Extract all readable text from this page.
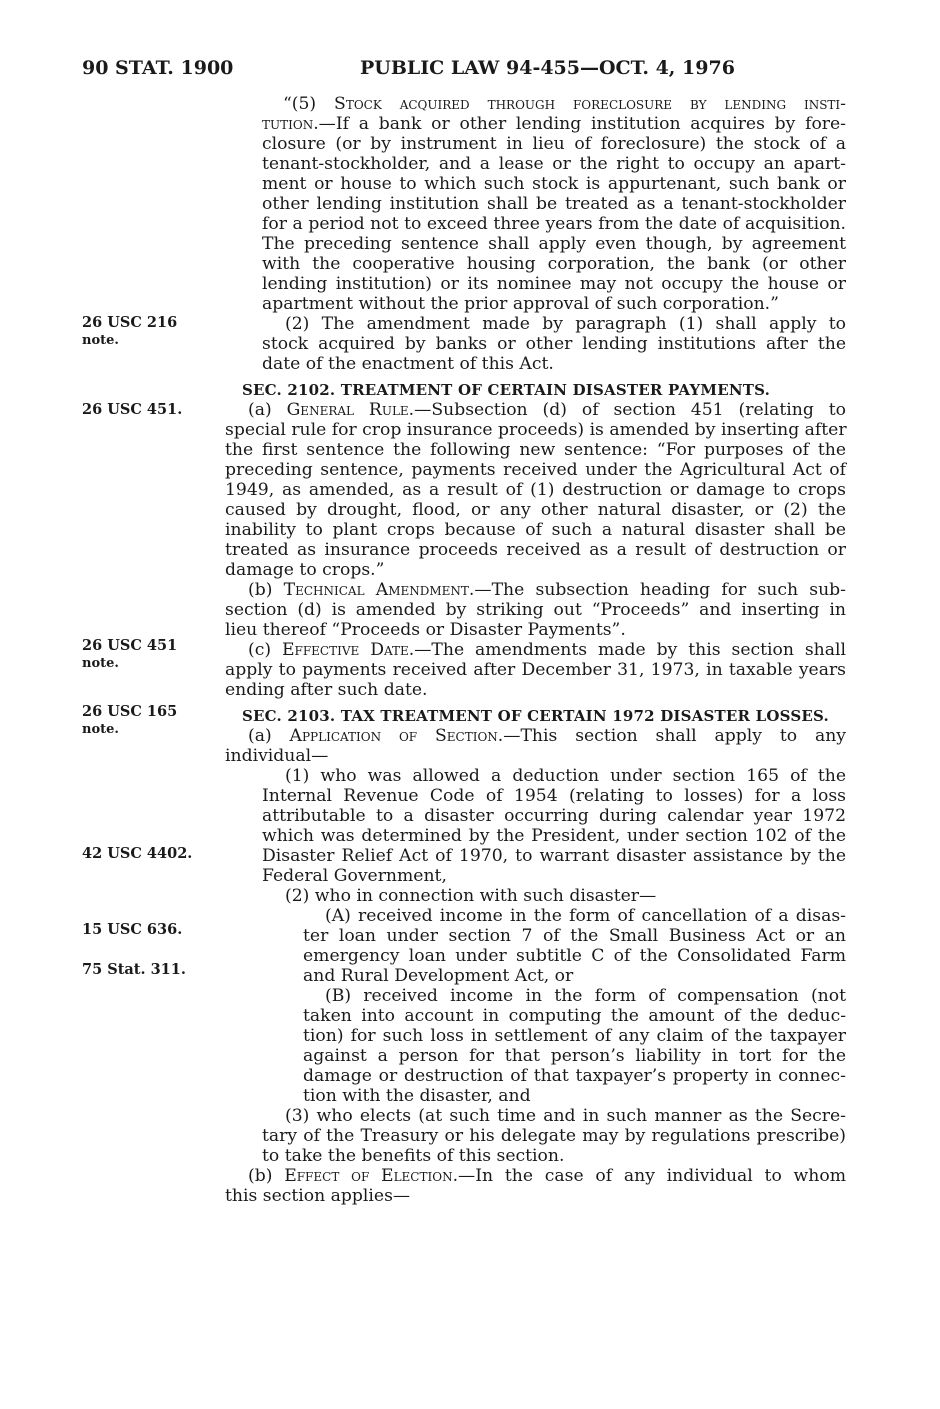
90 STAT. 1900	PUBLIC LAW 94-455—OCT. 4, 1976
26 USC 216
note.
26 USC 451.
26 USC 451
note.
26 USC 165
note.
42 USC 4402.
15 USC 636.
75 Stat. 311.
“(5) Stock acquired through foreclosure by lending insti-
tution.—If a bank or other lending institution acquires by fore-
closure (or by instrument in lieu of foreclosure) the stock of a
tenant-stockholder, and a lease or the right to occupy an apart-
ment or house to which such stock is appurtenant, such bank or
other lending institution shall be treated as a tenant-stockholder
for a period not to exceed three years from the date of acquisition.
The preceding sentence shall apply even though, by agreement
with the cooperative housing corporation, the bank (or other
lending institution) or its nominee may not occupy the house or
apartment without the prior approval of such corporation.”
(2) The amendment made by paragraph (1) shall apply to
stock acquired by banks or other lending institutions after the
date of the enactment of this Act.
SEC. 2102. TREATMENT OF CERTAIN DISASTER PAYMENTS.
(a) General Rule.—Subsection (d) of section 451 (relating to
special rule for crop insurance proceeds) is amended by inserting after
the first sentence the following new sentence: “For purposes of the
preceding sentence, payments received under the Agricultural Act of
1949, as amended, as a result of (1) destruction or damage to crops
caused by drought, flood, or any other natural disaster, or (2) the
inability to plant crops because of such a natural disaster shall be
treated as insurance proceeds received as a result of destruction or
damage to crops.”
(b) Technical Amendment.—The subsection heading for such sub-
section (d) is amended by striking out “Proceeds” and inserting in
lieu thereof “Proceeds or Disaster Payments”.
(c) Effective Date.—The amendments made by this section shall
apply to payments received after December 31, 1973, in taxable years
ending after such date.
SEC. 2103. TAX TREATMENT OF CERTAIN 1972 DISASTER LOSSES.
(a) Application of Section.—This section shall apply to any
individual—
(1) who was allowed a deduction under section 165 of the
Internal Revenue Code of 1954 (relating to losses) for a loss
attributable to a disaster occurring during calendar year 1972
which was determined by the President, under section 102 of the
Disaster Relief Act of 1970, to warrant disaster assistance by the
Federal Government,
(2) who in connection with such disaster—
(A) received income in the form of cancellation of a disas-
ter loan under section 7 of the Small Business Act or an
emergency loan under subtitle C of the Consolidated Farm
and Rural Development Act, or
(B) received income in the form of compensation (not
taken into account in computing the amount of the deduc-
tion) for such loss in settlement of any claim of the taxpayer
against a person for that person’s liability in tort for the
damage or destruction of that taxpayer’s property in connec-
tion with the disaster, and
(3) who elects (at such time and in such manner as the Secre-
tary of the Treasury or his delegate may by regulations prescribe)
to take the benefits of this section.
(b) Effect of Election.—In the case of any individual to whom
this section applies—
